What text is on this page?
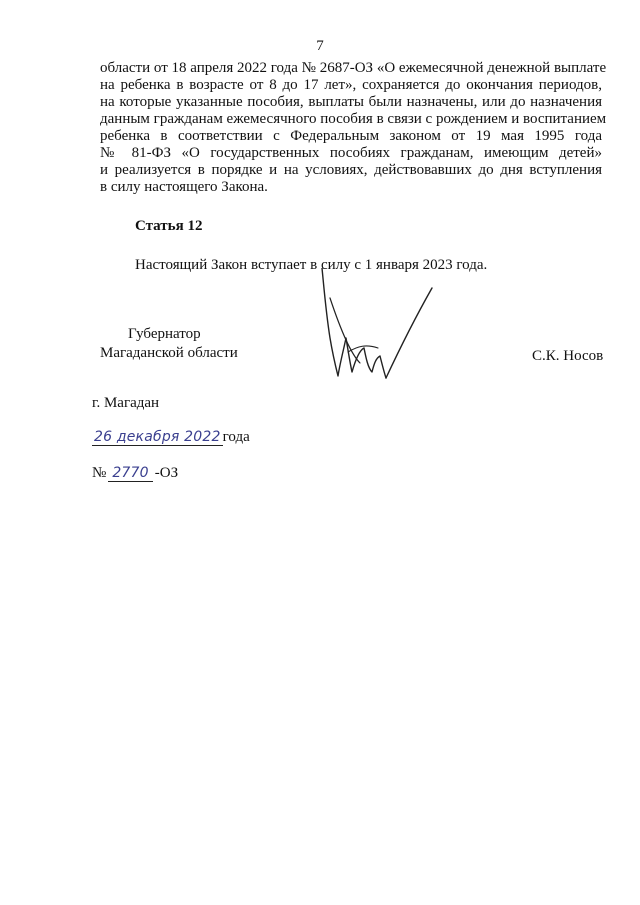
7
области от 18 апреля 2022 года № 2687-ОЗ «О ежемесячной денежной выплате
на ребенка в возрасте от 8 до 17 лет», сохраняется до окончания периодов,
на которые указанные пособия, выплаты были назначены, или до назначения
данным гражданам ежемесячного пособия в связи с рождением и воспитанием
ребенка в соответствии с Федеральным законом от 19 мая 1995 года
№ 81-ФЗ «О государственных пособиях гражданам, имеющим детей»
и реализуется в порядке и на условиях, действовавших до дня вступления
в силу настоящего Закона.
Статья 12
Настоящий Закон вступает в силу с 1 января 2023 года.
Губернатор
Магаданской области	С.К. Носов
г. Магадан
26 декабря 2022 года
№ 2770 -ОЗ
